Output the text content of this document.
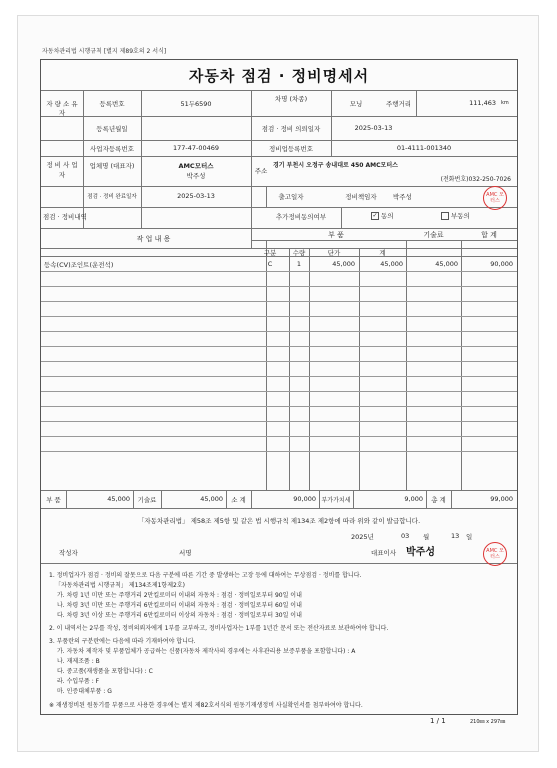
자동차관리법 시행규칙 [별지 제89호의 2 서식]
자동차 점검 · 정비명세서
자 량 소 유 자
등록번호	51두6590
차명 (차종)
모닝	주행거리	111,463 km
등록년월일	점검 · 정비 의뢰일자	2025-03-13
정 비 사 업 자
사업자등록번호	177-47-00469	정비업등록번호	01-4111-001340
업체명 (대표자)	AMC모터스
박주성
주소
경기 부천시 오정구 송내대로 450 AMC모터스
(전화번호)032-250-7026
점검 · 정비 완료일자	2025-03-13	출고일자	정비책임자	박주성	AMC 모터스
점검 · 정비내역	추가정비동의여부	✓ 동의	부동의
작 업 내 용	부 품	기술료	합 계
구분	수량	단가	계
등속(CV)조인트(운전석)	C	1	45,000	45,000	45,000	90,000
부 품	45,000	기술료	45,000	소 계	90,000 부가가치세	9,000	총 계	99,000
「자동차관리법」 제58조 제5항 및 같은 법 시행규칙 제134조 제2항에 따라 위와 같이 발급합니다.
2025년	03 월	13 일
작성자	서명	대표이사 박주성	AMC 모터스
1. 정비업자가 점검 · 정비의 잘못으로 다음 구분에 따른 기간 중 발생하는 고장 등에 대하여는 무상점검 · 정비를 합니다.
「자동차관리법 시행규칙」 제134조제1항제2호)
가. 차령 1년 미만 또는 주행거리 2만킬로미터 이내의 자동차 : 점검 · 정비일로부터 90일 이내
나. 차령 3년 미만 또는 주행거리 6만킬로미터 이내의 자동차 : 점검 · 정비일로부터 60일 이내
다. 차령 3년 이상 또는 주행거리 6만킬로미터 이상의 자동차 : 점검 · 정비일로부터 30일 이내
2. 이 내역서는 2부를 작성, 정비의뢰자에게 1부를 교부하고, 정비사업자는 1부를 1년간 문서 또는 전산자료로 보관하여야 합니다.
3. 부품란의 구분란에는 다음에 따라 기재하여야 합니다.
가. 자동차 제작자 및 부품업체가 공급하는 신품(자동차 제작사의 경우에는 사후관리용 보증부품을 포함합니다) : A
나. 재제조품 : B
다. 중고품(재생품을 포함합니다) : C
라. 수입부품 : F
마. 인증대체부품 : G
※ 재생정비된 원동기를 부품으로 사용한 경우에는 별지 제82호서식의 원동기재생정비 사실확인서를 첨부하여야 합니다.
1 / 1	210㎜ x 297㎜
